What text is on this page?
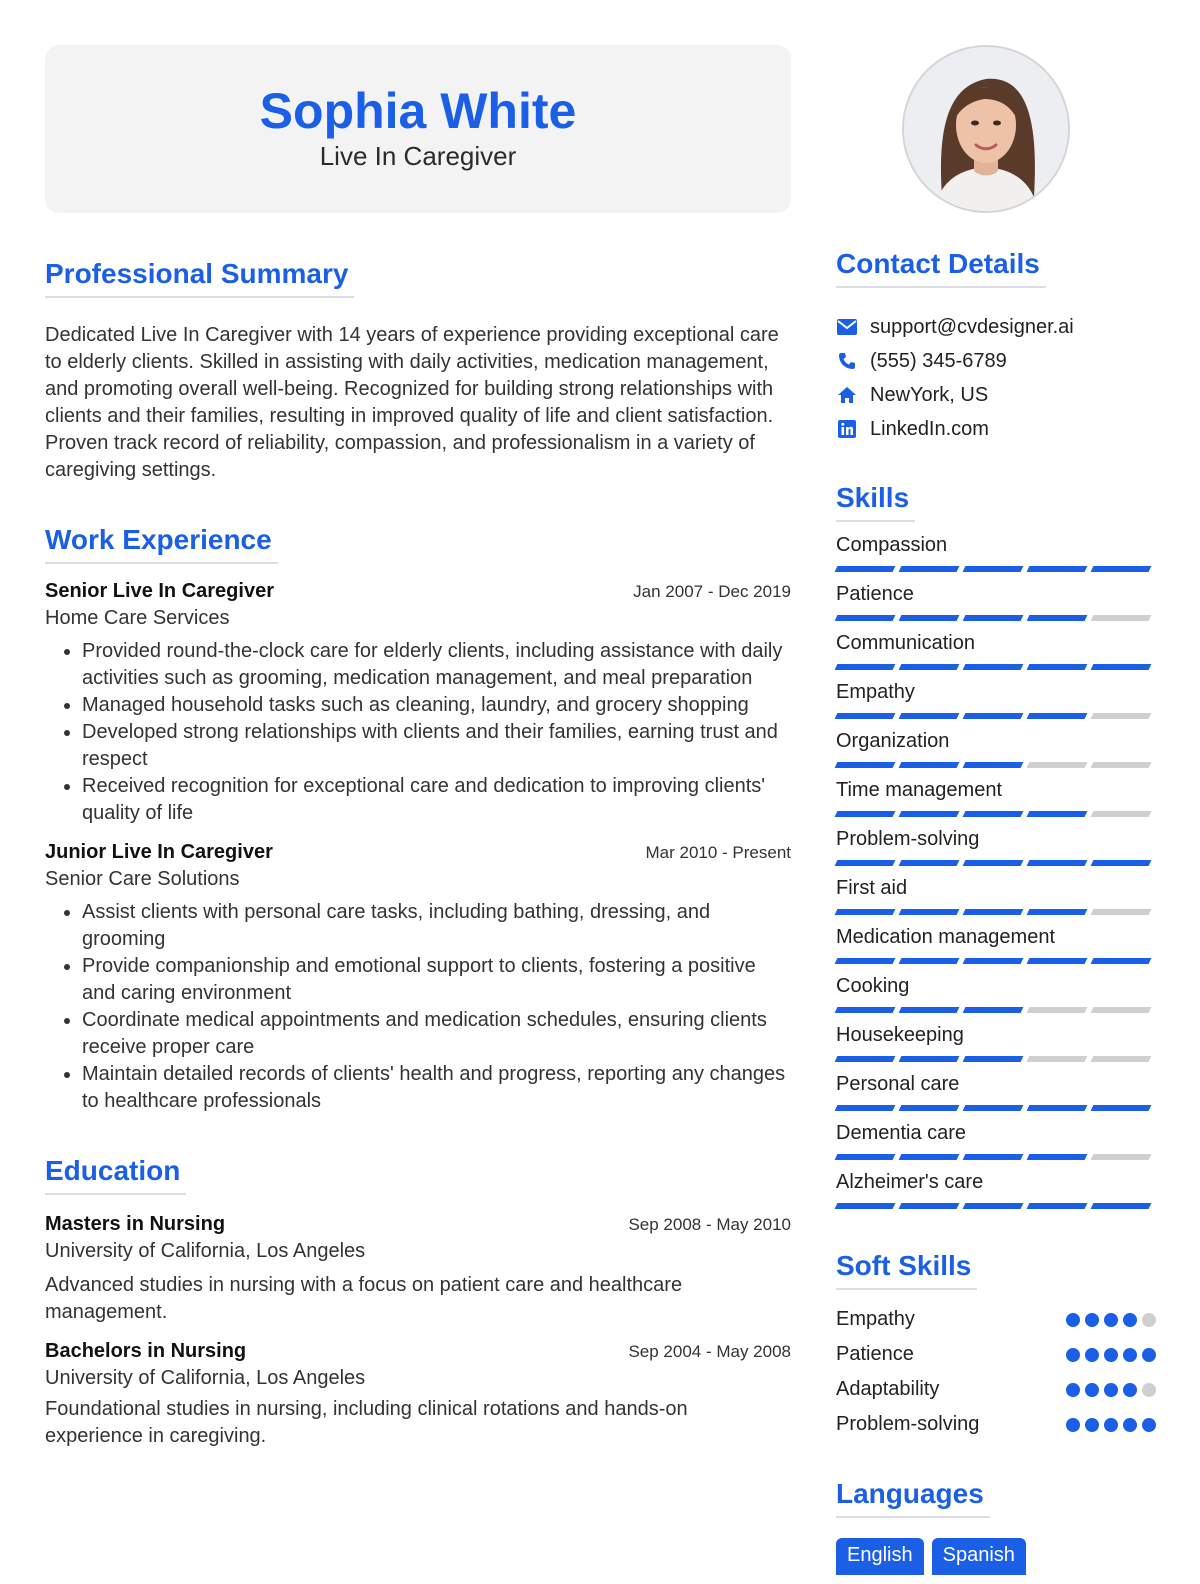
Sophia White
Live In Caregiver
Professional Summary
Dedicated Live In Caregiver with 14 years of experience providing exceptional care to elderly clients. Skilled in assisting with daily activities, medication management, and promoting overall well-being. Recognized for building strong relationships with clients and their families, resulting in improved quality of life and client satisfaction. Proven track record of reliability, compassion, and professionalism in a variety of caregiving settings.
Work Experience
Senior Live In Caregiver	Jan 2007 - Dec 2019
Home Care Services
• Provided round-the-clock care for elderly clients, including assistance with daily activities such as grooming, medication management, and meal preparation
• Managed household tasks such as cleaning, laundry, and grocery shopping
• Developed strong relationships with clients and their families, earning trust and respect
• Received recognition for exceptional care and dedication to improving clients' quality of life
Junior Live In Caregiver	Mar 2010 - Present
Senior Care Solutions
• Assist clients with personal care tasks, including bathing, dressing, and grooming
• Provide companionship and emotional support to clients, fostering a positive and caring environment
• Coordinate medical appointments and medication schedules, ensuring clients receive proper care
• Maintain detailed records of clients' health and progress, reporting any changes to healthcare professionals
Education
Masters in Nursing	Sep 2008 - May 2010
University of California, Los Angeles
Advanced studies in nursing with a focus on patient care and healthcare management.
Bachelors in Nursing	Sep 2004 - May 2008
University of California, Los Angeles
Foundational studies in nursing, including clinical rotations and hands-on experience in caregiving.
Contact Details
support@cvdesigner.ai
(555) 345-6789
NewYork, US
LinkedIn.com
Skills
Compassion
Patience
Communication
Empathy
Organization
Time management
Problem-solving
First aid
Medication management
Cooking
Housekeeping
Personal care
Dementia care
Alzheimer's care
Soft Skills
Empathy
Patience
Adaptability
Problem-solving
Languages
English	Spanish
